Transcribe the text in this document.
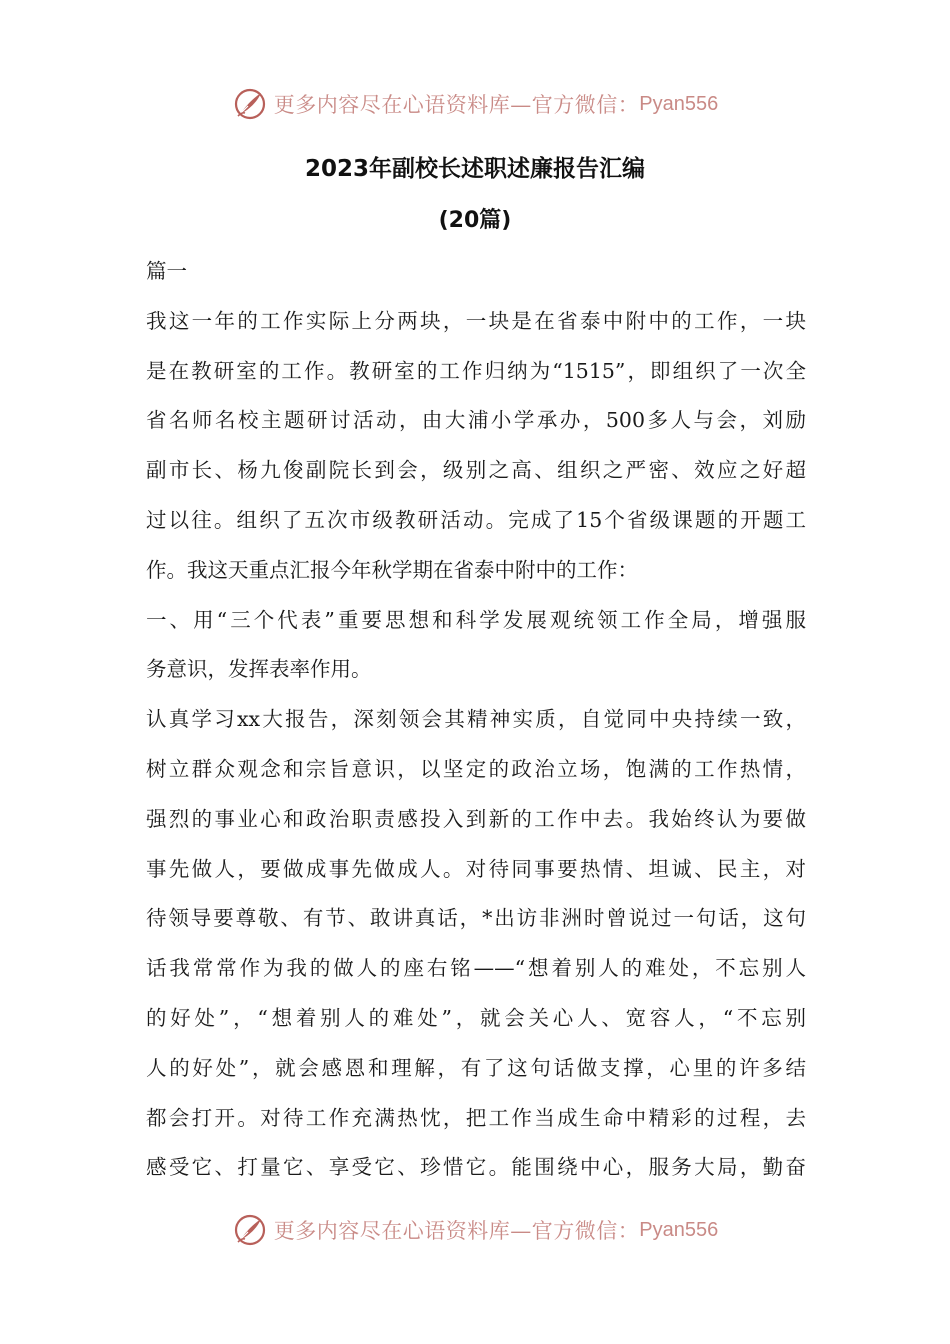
更多内容尽在心语资料库—官方微信： Pyan556
2023年副校长述职述廉报告汇编
(20篇)
篇一
我这一年的工作实际上分两块，一块是在省泰中附中的工作，一块
是在教研室的工作。教研室的工作归纳为“1515”，即组织了一次全
省名师名校主题研讨活动，由大浦小学承办，500多人与会，刘励
副市长、杨九俊副院长到会，级别之高、组织之严密、效应之好超
过以往。组织了五次市级教研活动。完成了15个省级课题的开题工
作。我这天重点汇报今年秋学期在省泰中附中的工作：
一、用“三个代表”重要思想和科学发展观统领工作全局，增强服
务意识，发挥表率作用。
认真学习xx大报告，深刻领会其精神实质，自觉同中央持续一致，
树立群众观念和宗旨意识，以坚定的政治立场，饱满的工作热情，
强烈的事业心和政治职责感投入到新的工作中去。我始终认为要做
事先做人，要做成事先做成人。对待同事要热情、坦诚、民主，对
待领导要尊敬、有节、敢讲真话，*出访非洲时曾说过一句话，这句
话我常常作为我的做人的座右铭——“想着别人的难处，不忘别人
的好处”，“想着别人的难处”，就会关心人、宽容人，“不忘别
人的好处”，就会感恩和理解，有了这句话做支撑，心里的许多结
都会打开。对待工作充满热忱，把工作当成生命中精彩的过程，去
感受它、打量它、享受它、珍惜它。能围绕中心，服务大局，勤奋
更多内容尽在心语资料库—官方微信： Pyan556
